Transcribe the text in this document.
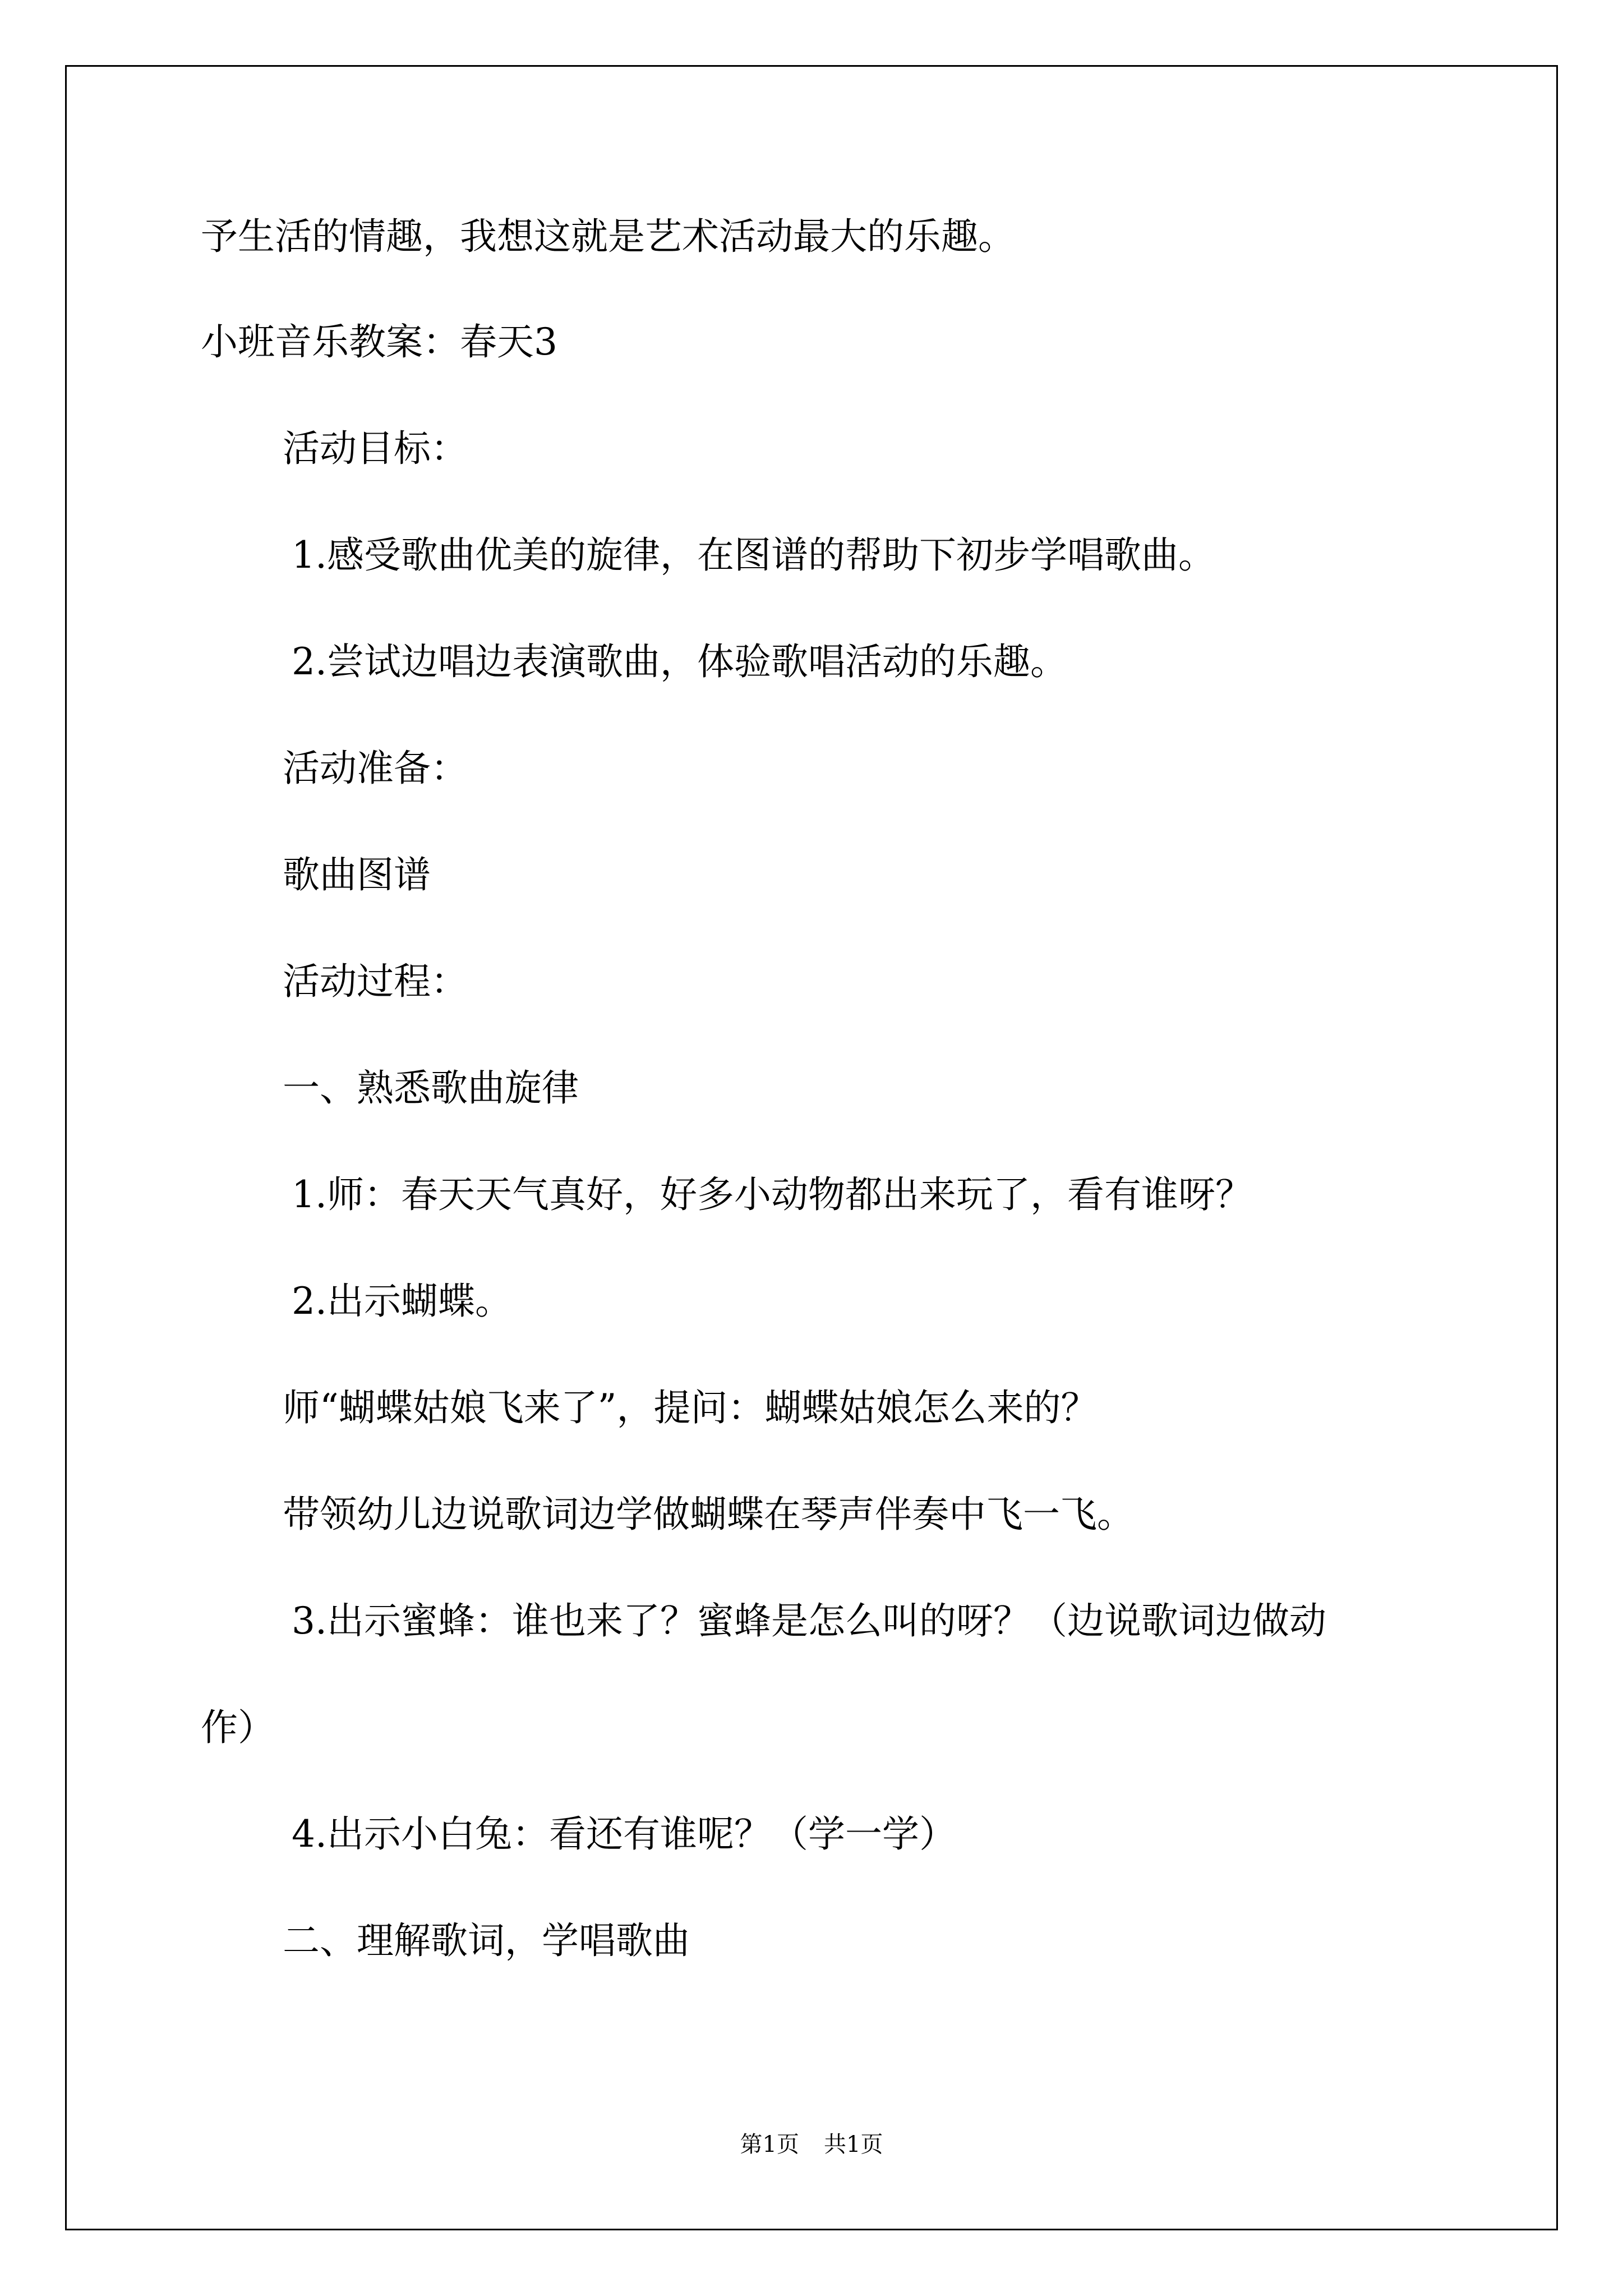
予生活的情趣，我想这就是艺术活动最大的乐趣。
小班音乐教案：春天3
活动目标：
1.感受歌曲优美的旋律，在图谱的帮助下初步学唱歌曲。
2.尝试边唱边表演歌曲，体验歌唱活动的乐趣。
活动准备：
歌曲图谱
活动过程：
一、熟悉歌曲旋律
1.师：春天天气真好，好多小动物都出来玩了，看有谁呀？
2.出示蝴蝶。
师“蝴蝶姑娘飞来了”，提问：蝴蝶姑娘怎么来的？
带领幼儿边说歌词边学做蝴蝶在琴声伴奏中飞一飞。
3.出示蜜蜂：谁也来了？蜜蜂是怎么叫的呀？（边说歌词边做动
作）
4.出示小白兔：看还有谁呢？（学一学）
二、理解歌词，学唱歌曲
第1页 共1页
